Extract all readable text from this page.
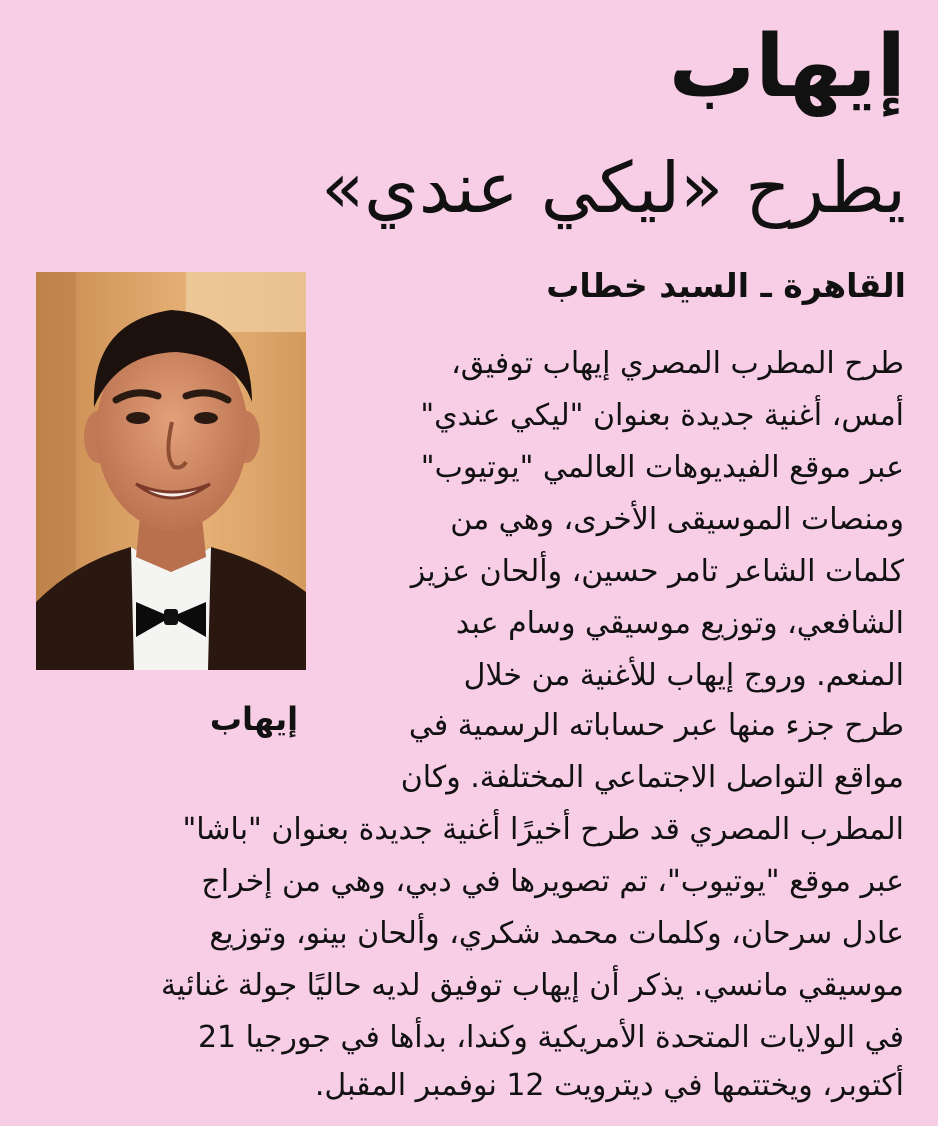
إيهاب
يطرح «ليكي عندي»
القاهرة ـ السيد خطاب
إيهاب

طرح المطرب المصري إيهاب توفيق،

أمس، أغنية جديدة بعنوان "ليكي عندي"

عبر موقع الفيديوهات العالمي "يوتيوب"

ومنصات الموسيقى الأخرى، وهي من

كلمات الشاعر تامر حسين، وألحان عزيز

الشافعي، وتوزيع موسيقي وسام عبد

المنعم. وروج إيهاب للأغنية من خلال

طرح جزء منها عبر حساباته الرسمية في

مواقع التواصل الاجتماعي المختلفة. وكان

المطرب المصري قد طرح أخيرًا أغنية جديدة بعنوان "باشا"

عبر موقع "يوتيوب"، تم تصويرها في دبي، وهي من إخراج

عادل سرحان، وكلمات محمد شكري، وألحان بينو، وتوزيع

موسيقي مانسي. يذكر أن إيهاب توفيق لديه حاليًا جولة غنائية

في الولايات المتحدة الأمريكية وكندا، بدأها في جورجيا 21

أكتوبر، ويختتمها في ديترويت 12 نوفمبر المقبل.
